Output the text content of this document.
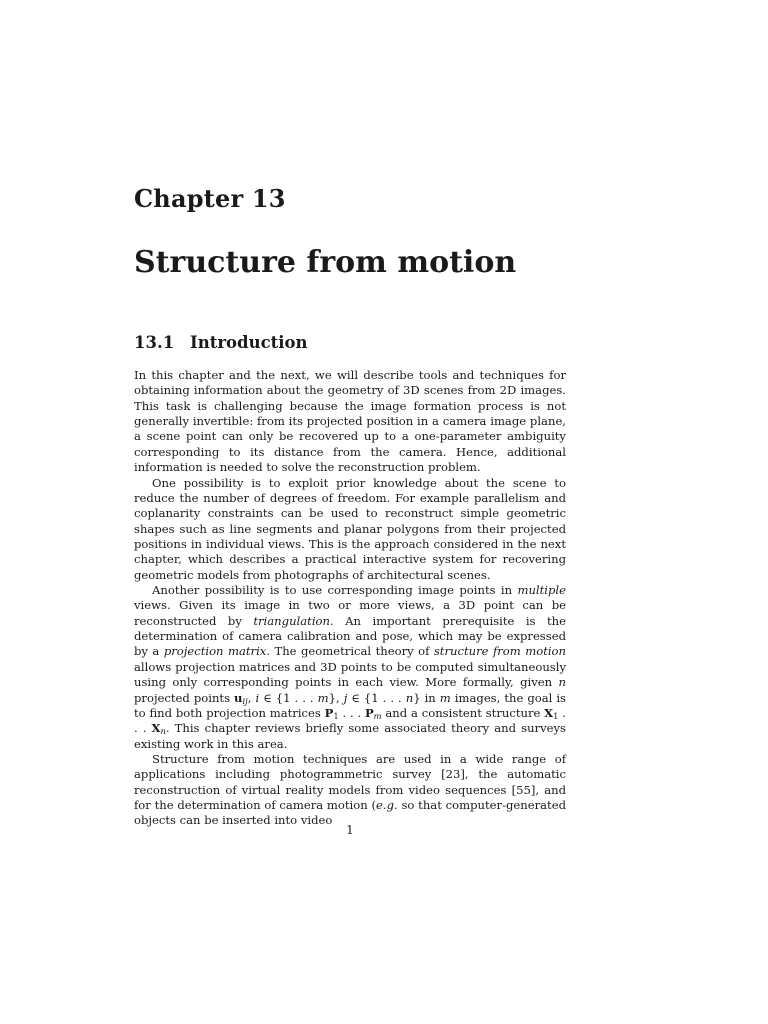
Chapter 13
Structure from motion
13.1 Introduction

In this chapter and the next, we will describe tools and techniques for obtaining information about the geometry of 3D scenes from 2D images. This task is challenging because the image formation process is not generally invertible: from its projected position in a camera image plane, a scene point can only be recovered up to a one-parameter ambiguity corresponding to its distance from the camera. Hence, additional information is needed to solve the reconstruction problem.

One possibility is to exploit prior knowledge about the scene to reduce the number of degrees of freedom. For example parallelism and coplanarity constraints can be used to reconstruct simple geometric shapes such as line segments and planar polygons from their projected positions in individual views. This is the approach considered in the next chapter, which describes a practical interactive system for recovering geometric models from photographs of architectural scenes.

Another possibility is to use corresponding image points in multiple views. Given its image in two or more views, a 3D point can be reconstructed by triangulation. An important prerequisite is the determination of camera calibration and pose, which may be expressed by a projection matrix. The geometrical theory of structure from motion allows projection matrices and 3D points to be computed simultaneously using only corresponding points in each view. More formally, given n projected points $u_{ij}$, i ∈ {1 . . . m}, j ∈ {1 . . . n} in m images, the goal is to find both projection matrices $P_1$ . . . $P_m$ and a consistent structure $X_1$ . . . $X_n$. This chapter reviews briefly some associated theory and surveys existing work in this area.

Structure from motion techniques are used in a wide range of applications including photogrammetric survey [23], the automatic reconstruction of virtual reality models from video sequences [55], and for the determination of camera motion (e.g. so that computer-generated objects can be inserted into video

1
